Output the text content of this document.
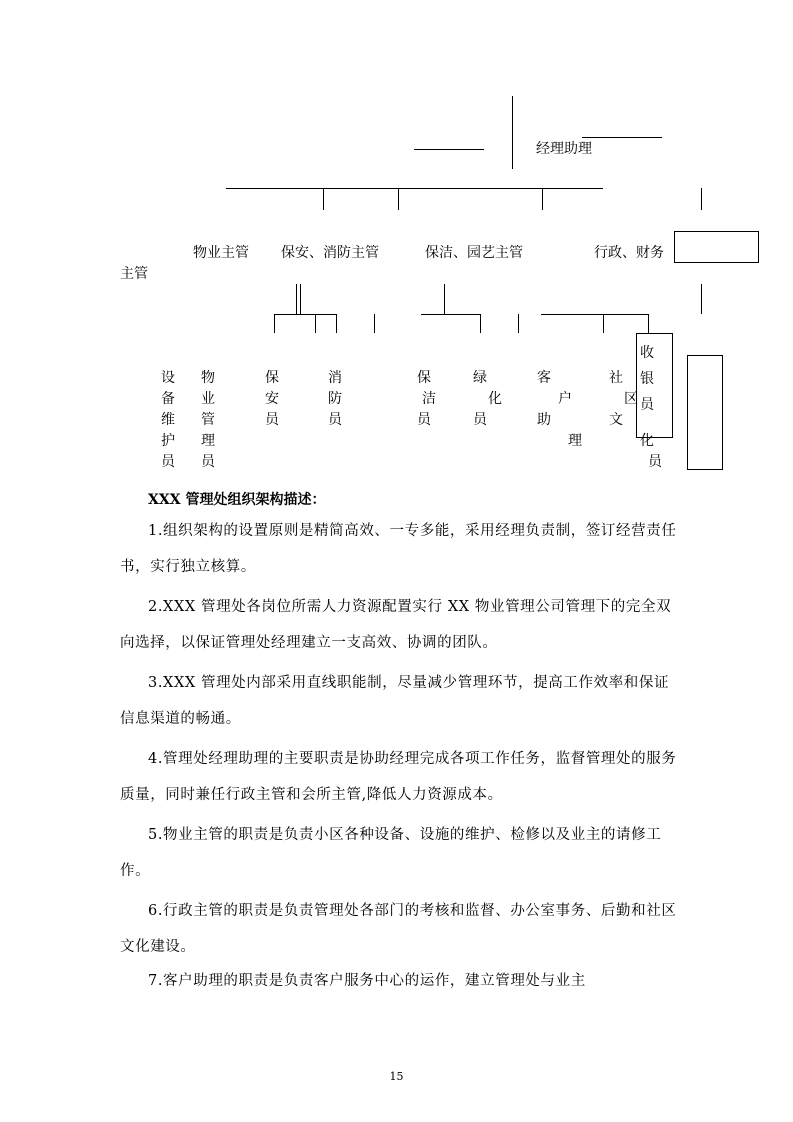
经理助理
物业主管 保安、消防主管	保洁、园艺主管	行政、财务
主管
设
备
维
护
员
物
业
管
理
员
保
安
员
消
防
员
保
洁
员
绿
化
员
客
户
助
理
社
区
文
化
员
收
银
员
XXX 管理处组织架构描述：

1.组织架构的设置原则是精简高效、一专多能，采用经理负责制，签订经营责任书，实行独立核算。

2.XXX 管理处各岗位所需人力资源配置实行 XX 物业管理公司管理下的完全双向选择，以保证管理处经理建立一支高效、协调的团队。

3.XXX 管理处内部采用直线职能制，尽量减少管理环节，提高工作效率和保证信息渠道的畅通。

4.管理处经理助理的主要职责是协助经理完成各项工作任务，监督管理处的服务质量，同时兼任行政主管和会所主管,降低人力资源成本。

5.物业主管的职责是负责小区各种设备、设施的维护、检修以及业主的请修工作。

6.行政主管的职责是负责管理处各部门的考核和监督、办公室事务、后勤和社区文化建设。

7.客户助理的职责是负责客户服务中心的运作，建立管理处与业主

15
